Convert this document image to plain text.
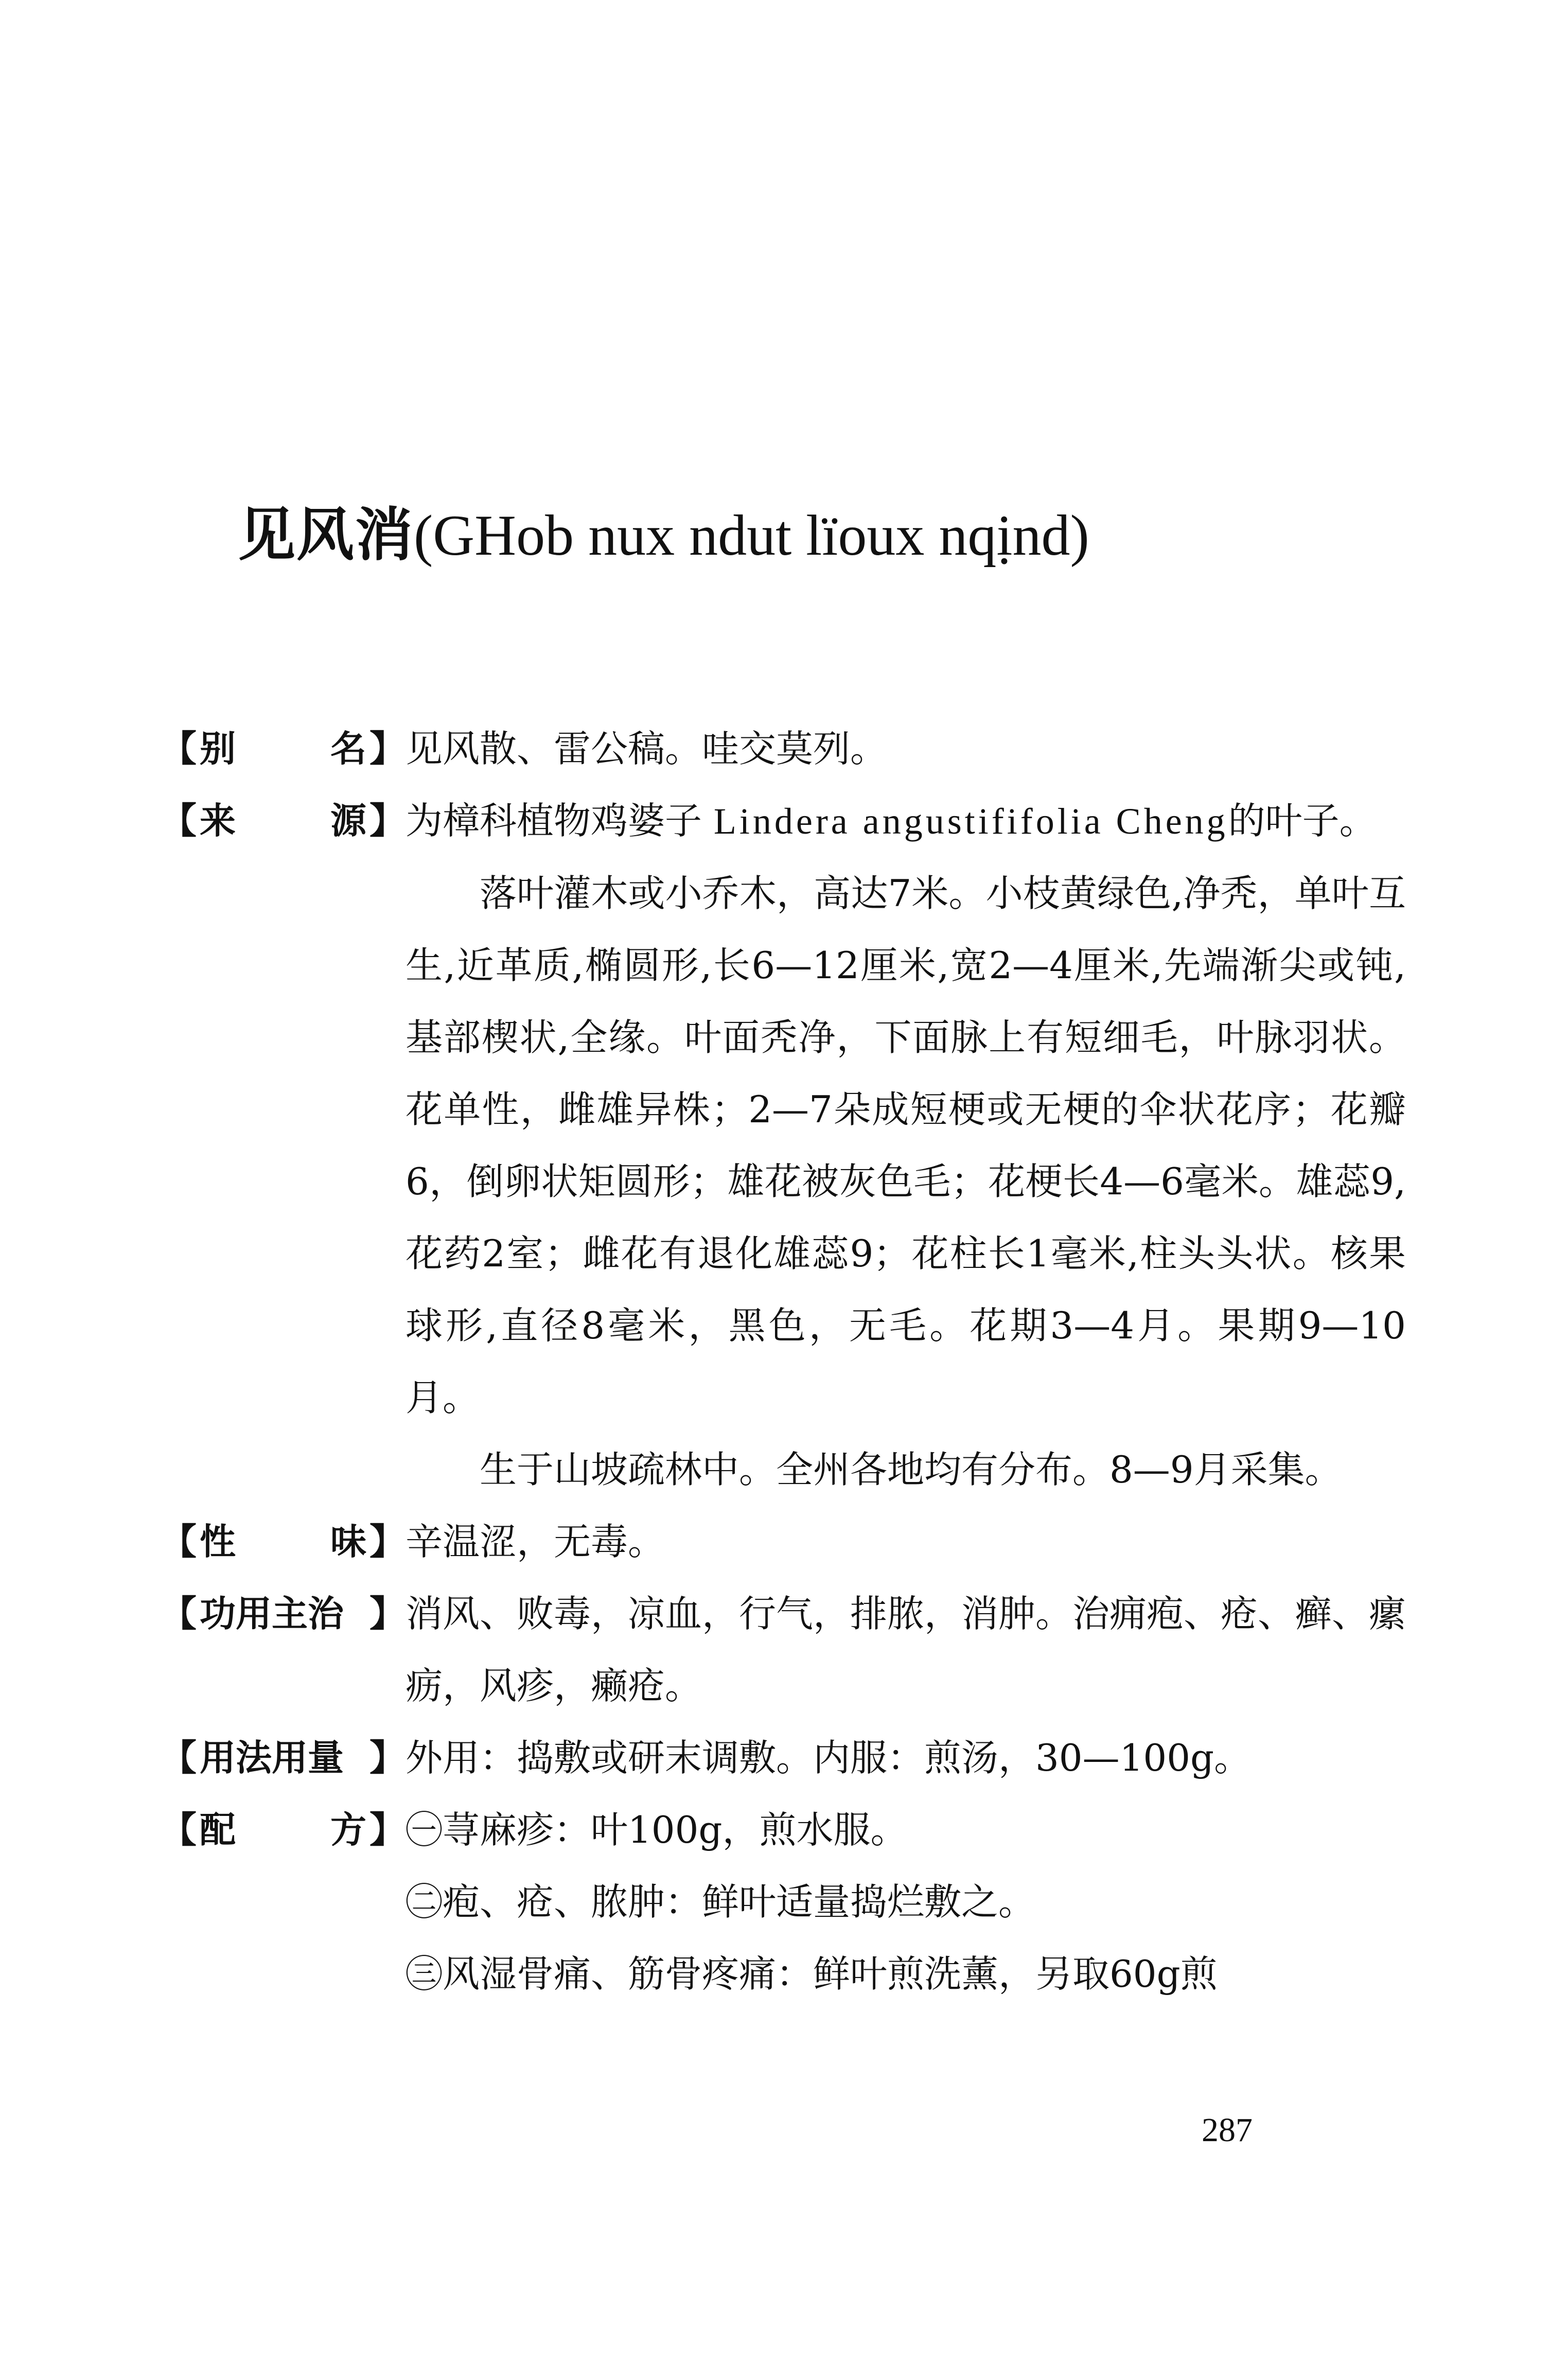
见风消(GHob nux ndut lïoux nqịnd)
【 别	名 】 见风散、雷公稿。哇交莫列。

【 来	源 】 为樟科植物鸡婆子 Lindera angustififolia Cheng的叶子。

落叶灌木或小乔木，高达7米。小枝黄绿色,净秃，单叶互生,近革质,椭圆形,长6—12厘米,宽2—4厘米,先端渐尖或钝,基部楔状,全缘。叶面秃净，下面脉上有短细毛，叶脉羽状。花单性，雌雄异株；2—7朵成短梗或无梗的伞状花序；花瓣6，倒卵状矩圆形；雄花被灰色毛；花梗长4—6毫米。雄蕊9,花药2室；雌花有退化雄蕊9；花柱长1毫米,柱头头状。核果球形,直径8毫米，黑色，无毛。花期3—4月。果期9—10月。

生于山坡疏林中。全州各地均有分布。8—9月采集。

【 性	味 】 辛温涩，无毒。

【 功用主治 】 消风、败毒，凉血，行气，排脓，消肿。治痈疱、疮、癣、瘰疬，风疹，癞疮。

【 用法用量 】 外用：捣敷或研末调敷。内服：煎汤，30—100g。

【 配	方 】 ㊀荨麻疹：叶100g，煎水服。

㊁疱、疮、脓肿：鲜叶适量捣烂敷之。

㊂风湿骨痛、筋骨疼痛：鲜叶煎洗薰，另取60g煎

287
